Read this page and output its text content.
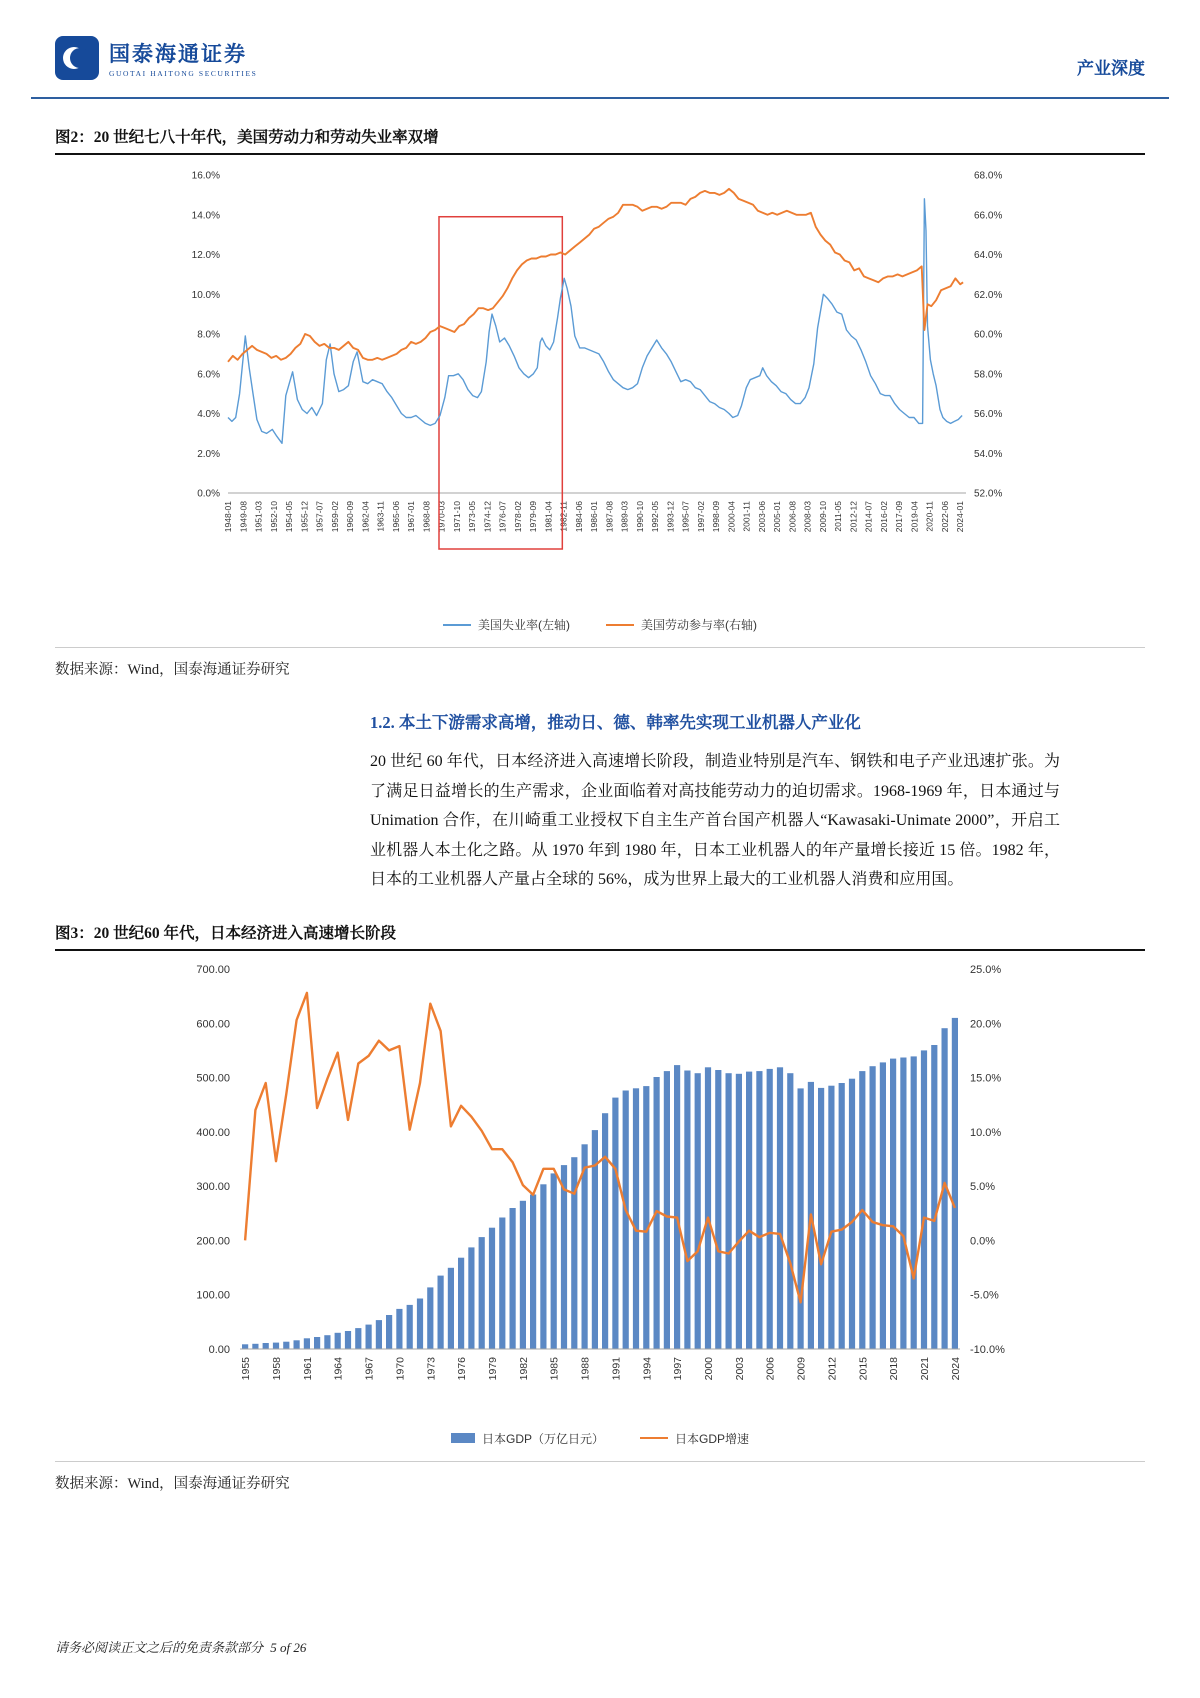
国泰海通证券
GUOTAI HAITONG SECURITIES	产业深度
图2：20 世纪七八十年代，美国劳动力和劳动失业率双增
0.0%
2.0%
4.0%
6.0%
8.0%
10.0%
12.0%
14.0%
16.0%
52.0%
54.0%
56.0%
58.0%
60.0%
62.0%
64.0%
66.0%
68.0%
1948-01 1949-08 1951-03 1952-10 1954-05 1955-12 1957-07 1959-02 1960-09 1962-04 1963-11 1965-06 1967-01 1968-08 1970-03 1971-10 1973-05 1974-12 1976-07 1978-02 1979-09 1981-04 1982-11 1984-06 1986-01 1987-08 1989-03 1990-10 1992-05 1993-12 1995-07 1997-02 1998-09 2000-04 2001-11 2003-06 2005-01 2006-08 2008-03 2009-10 2011-05 2012-12 2014-07 2016-02 2017-09 2019-04 2020-11 2022-06 2024-01
美国失业率(左轴)	美国劳动参与率(右轴)

数据来源：Wind，国泰海通证券研究

1.2. 本土下游需求高增，推动日、德、韩率先实现工业机器人产业化

20 世纪 60 年代，日本经济进入高速增长阶段，制造业特别是汽车、钢铁和电子产业迅速扩张。为了满足日益增长的生产需求，企业面临着对高技能劳动力的迫切需求。1968-1969 年，日本通过与 Unimation 合作，在川崎重工业授权下自主生产首台国产机器人“Kawasaki-Unimate 2000”，开启工业机器人本土化之路。从 1970 年到 1980 年，日本工业机器人的年产量增长接近 15 倍。1982 年，日本的工业机器人产量占全球的 56%，成为世界上最大的工业机器人消费和应用国。

图3：20 世纪60 年代，日本经济进入高速增长阶段
0.00
100.00
200.00
300.00
400.00
500.00
600.00
700.00
-10.0%
-5.0%
0.0%
5.0%
10.0%
15.0%
20.0%
25.0%
1955 1958 1961 1964 1967 1970 1973 1976 1979 1982 1985 1988 1991 1994 1997 2000 2003 2006 2009 2012 2015 2018 2021 2024
日本GDP（万亿日元）	日本GDP增速

数据来源：Wind，国泰海通证券研究

请务必阅读正文之后的免责条款部分 5 of 26
